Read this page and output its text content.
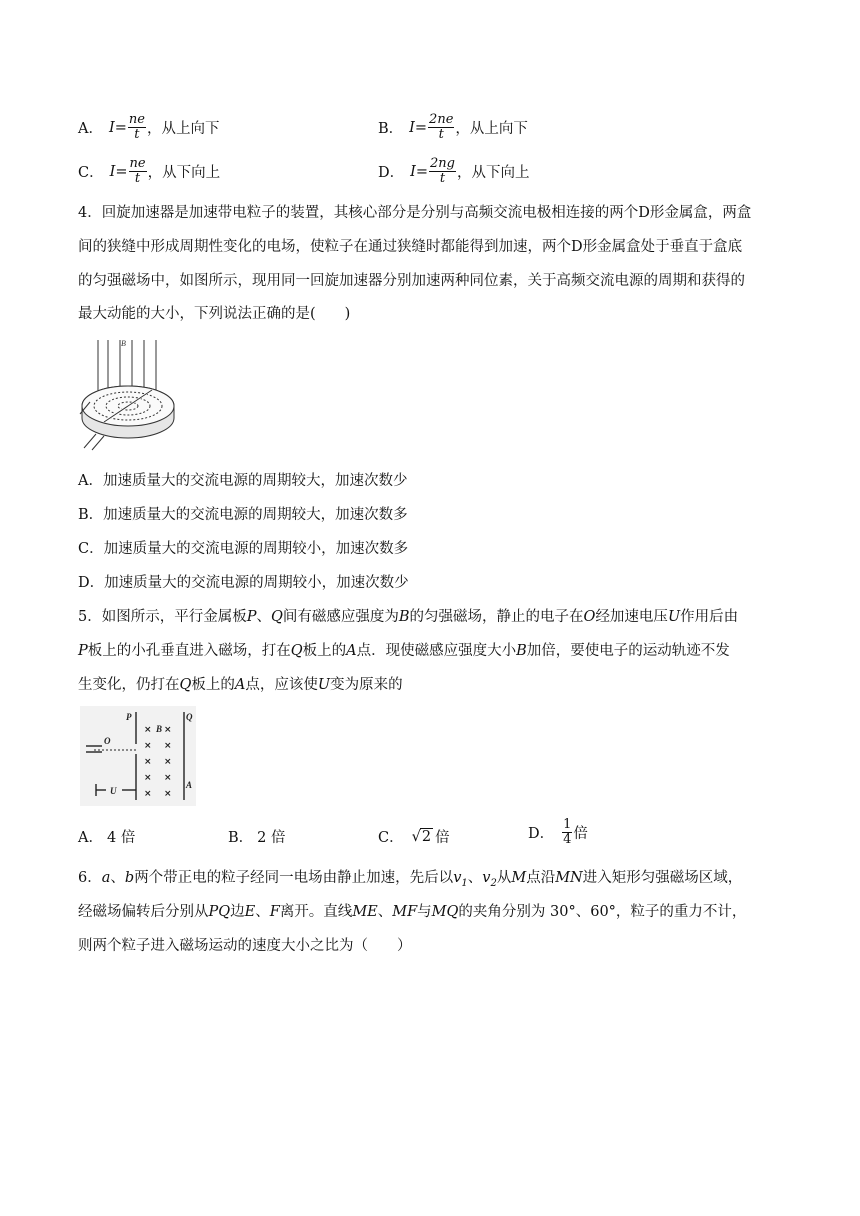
A． $I= \frac{ne}{t}$ ，从上向下	B． $I= \frac{2ne}{t}$ ，从上向下
C． $I= \frac{ne}{t}$ ，从下向上	D． $I= \frac{2ng}{t}$ ，从下向上
4．回旋加速器是加速带电粒子的装置，其核心部分是分别与高频交流电极相连接的两个D形金属盒，两盒
间的狭缝中形成周期性变化的电场，使粒子在通过狭缝时都能得到加速，两个D形金属盒处于垂直于盒底
的匀强磁场中，如图所示，现用同一回旋加速器分别加速两种同位素，关于高频交流电源的周期和获得的
最大动能的大小，下列说法正确的是(　　)
B
A．加速质量大的交流电源的周期较大，加速次数少
B．加速质量大的交流电源的周期较大，加速次数多
C．加速质量大的交流电源的周期较小，加速次数多
D．加速质量大的交流电源的周期较小，加速次数少
5．如图所示，平行金属板P、Q间有磁感应强度为B的匀强磁场，静止的电子在O经加速电压U作用后由
P板上的小孔垂直进入磁场，打在Q板上的A点．现使磁感应强度大小B加倍，要使电子的运动轨迹不发
生变化，仍打在Q板上的A点，应该使U变为原来的
× ×
× ×
× ×
× ×
× ×
P	Q
B
O
U
A
A． 4 倍	B． 2 倍	C． √ 2 倍	D． $\frac{1}{4}$ 倍
6．a、b两个带正电的粒子经同一电场由静止加速，先后以$v_1$、$v_2$从M点沿MN进入矩形匀强磁场区域，
经磁场偏转后分别从PQ边E、F离开。直线ME、MF与MQ的夹角分别为 30°、60°，粒子的重力不计，
则两个粒子进入磁场运动的速度大小之比为（　　）
